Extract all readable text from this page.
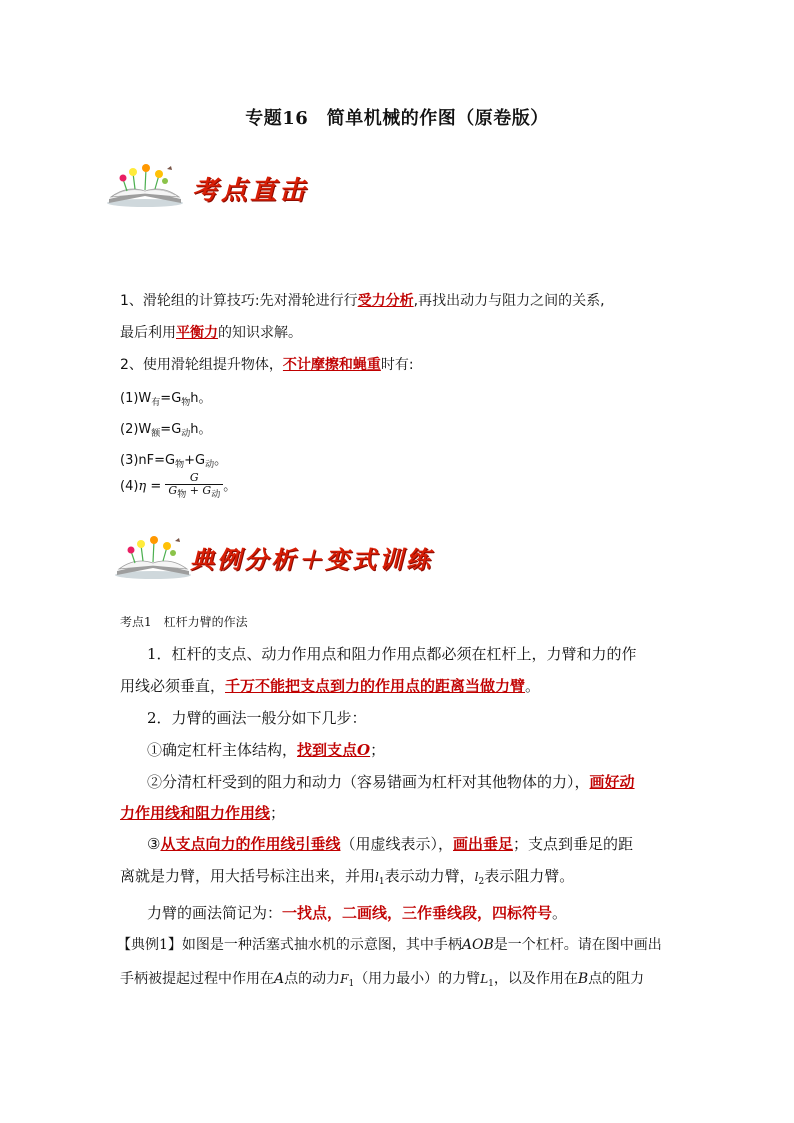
专题16　简单机械的作图（原卷版）
考点直击
1、滑轮组的计算技巧:先对滑轮进行行受力分析,再找出动力与阻力之间的关系,
最后利用平衡力的知识求解。
2、使用滑轮组提升物体，不计摩擦和蝇重时有:
$(1)W_有=G_物h$。
$(2)W_额=G_动h$。
$(3)nF=G_物+G_动$。
$(4)\eta = \frac{G}{G_物 + G_动}$ 。
典例分析＋变式训练
考点1　杠杆力臂的作法
1．杠杆的支点、动力作用点和阻力作用点都必须在杠杆上，力臂和力的作
用线必须垂直，千万不能把支点到力的作用点的距离当做力臂。
2．力臂的画法一般分如下几步：
①确定杠杆主体结构，找到支点O；
②分清杠杆受到的阻力和动力（容易错画为杠杆对其他物体的力），画好动
力作用线和阻力作用线；
③从支点向力的作用线引垂线（用虚线表示），画出垂足；支点到垂足的距
离就是力臂，用大括号标注出来，并用$l_1$表示动力臂，$l_2$表示阻力臂。
力臂的画法简记为：一找点，二画线，三作垂线段，四标符号。
【典例1】如图是一种活塞式抽水机的示意图，其中手柄AOB是一个杠杆。请在图中画出
手柄被提起过程中作用在A点的动力$F_1$（用力最小）的力臂$L_1$，以及作用在B点的阻力
